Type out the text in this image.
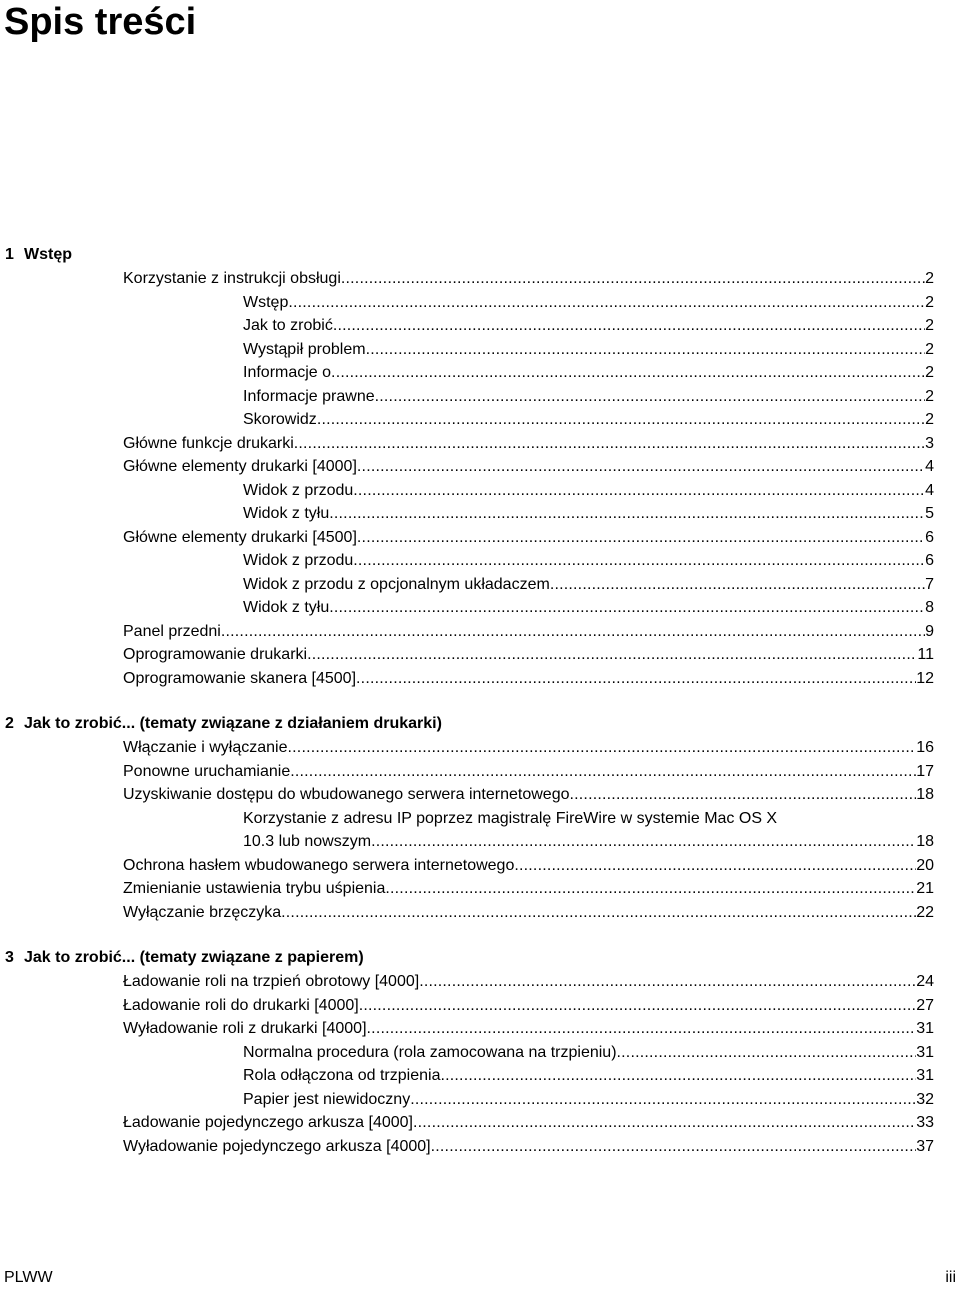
Spis treści
1 Wstęp
Korzystanie z instrukcji obsługi .....	2
Wstęp .....	2
Jak to zrobić .....	2
Wystąpił problem .....	2
Informacje o .....	2
Informacje prawne .....	2
Skorowidz .....	2
Główne funkcje drukarki .....	3
Główne elementy drukarki [4000] .....	4
Widok z przodu .....	4
Widok z tyłu .....	5
Główne elementy drukarki [4500] .....	6
Widok z przodu .....	6
Widok z przodu z opcjonalnym układaczem .....	7
Widok z tyłu .....	8
Panel przedni .....	9
Oprogramowanie drukarki .....	11
Oprogramowanie skanera [4500] .....	12
2 Jak to zrobić... (tematy związane z działaniem drukarki)
Włączanie i wyłączanie .....	16
Ponowne uruchamianie .....	17
Uzyskiwanie dostępu do wbudowanego serwera internetowego .....	18
Korzystanie z adresu IP poprzez magistralę FireWire w systemie Mac OS X
10.3 lub nowszym .....	18
Ochrona hasłem wbudowanego serwera internetowego .....	20
Zmienianie ustawienia trybu uśpienia .....	21
Wyłączanie brzęczyka .....	22
3 Jak to zrobić... (tematy związane z papierem)
Ładowanie roli na trzpień obrotowy [4000] .....	24
Ładowanie roli do drukarki [4000] .....	27
Wyładowanie roli z drukarki [4000] .....	31
Normalna procedura (rola zamocowana na trzpieniu) .....	31
Rola odłączona od trzpienia .....	31
Papier jest niewidoczny .....	32
Ładowanie pojedynczego arkusza [4000] .....	33
Wyładowanie pojedynczego arkusza [4000] .....	37
PLWW	iii
